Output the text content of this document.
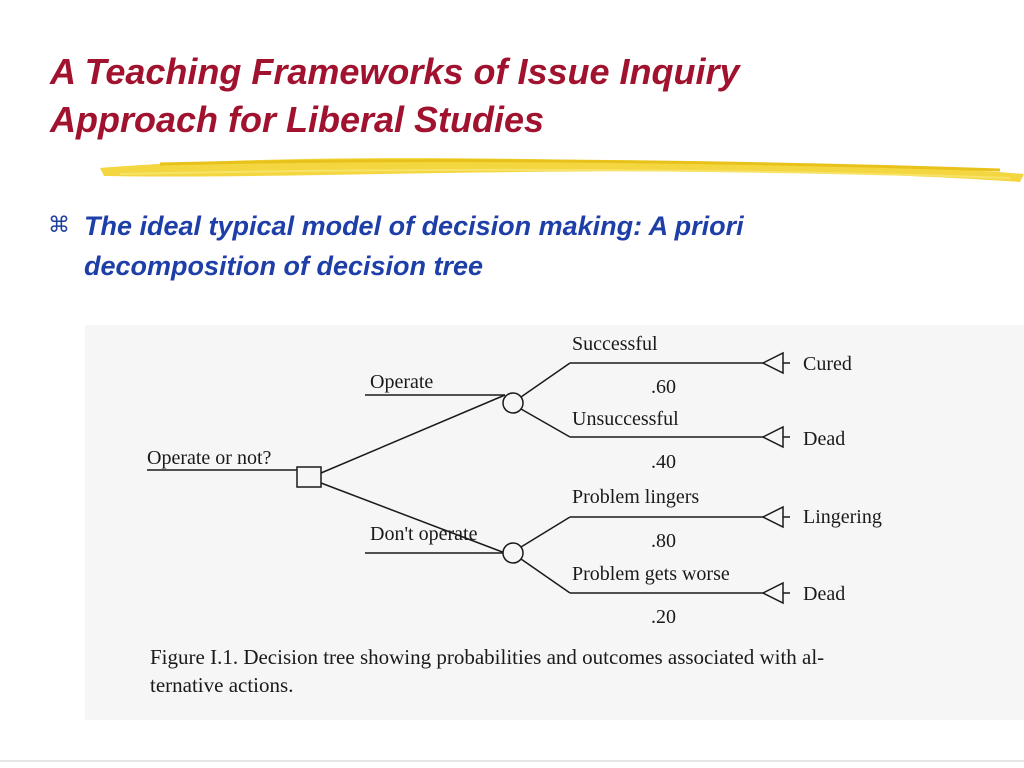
A Teaching Frameworks of Issue Inquiry
Approach for Liberal Studies
⌘ The ideal typical model of decision making: A priori
decomposition of decision tree
Operate or not?
Operate
Don't operate
Successful
.60
Cured
Unsuccessful
.40
Dead
Problem lingers
.80
Lingering
Problem gets worse
.20
Dead
Figure I.1. Decision tree showing probabilities and outcomes associated with al-
ternative actions.
